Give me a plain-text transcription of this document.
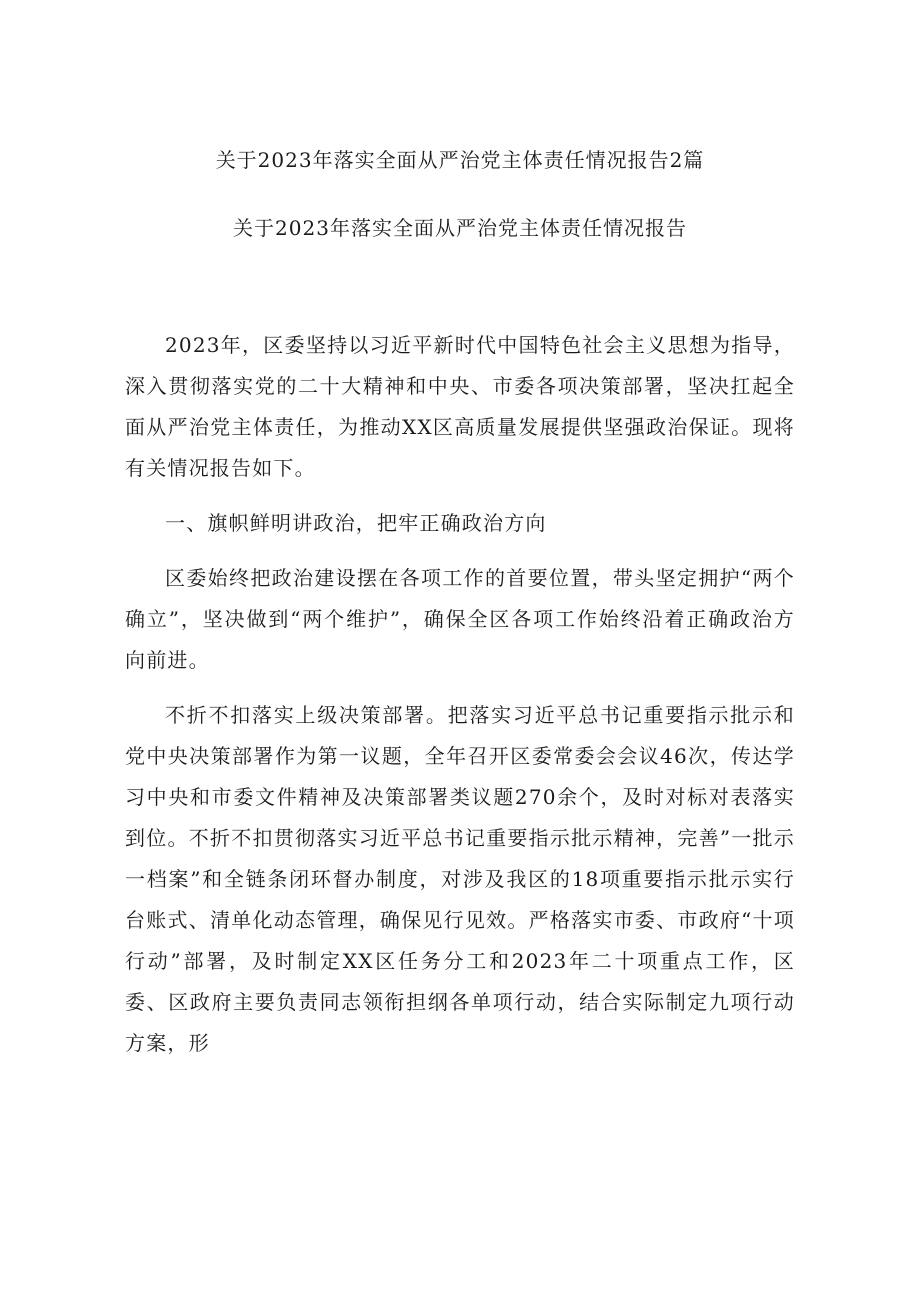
关于2023年落实全面从严治党主体责任情况报告2篇
关于2023年落实全面从严治党主体责任情况报告

2023年，区委坚持以习近平新时代中国特色社会主义思想为指导，深入贯彻落实党的二十大精神和中央、市委各项决策部署，坚决扛起全面从严治党主体责任，为推动XX区高质量发展提供坚强政治保证。现将有关情况报告如下。

一、旗帜鲜明讲政治，把牢正确政治方向

区委始终把政治建设摆在各项工作的首要位置，带头坚定拥护“两个确立”，坚决做到“两个维护”，确保全区各项工作始终沿着正确政治方向前进。

不折不扣落实上级决策部署。把落实习近平总书记重要指示批示和党中央决策部署作为第一议题，全年召开区委常委会会议46次，传达学习中央和市委文件精神及决策部署类议题270余个，及时对标对表落实到位。不折不扣贯彻落实习近平总书记重要指示批示精神，完善”一批示一档案”和全链条闭环督办制度，对涉及我区的18项重要指示批示实行台账式、清单化动态管理，确保见行见效。严格落实市委、市政府“十项行动”部署，及时制定XX区任务分工和2023年二十项重点工作，区委、区政府主要负责同志领衔担纲各单项行动，结合实际制定九项行动方案，形
